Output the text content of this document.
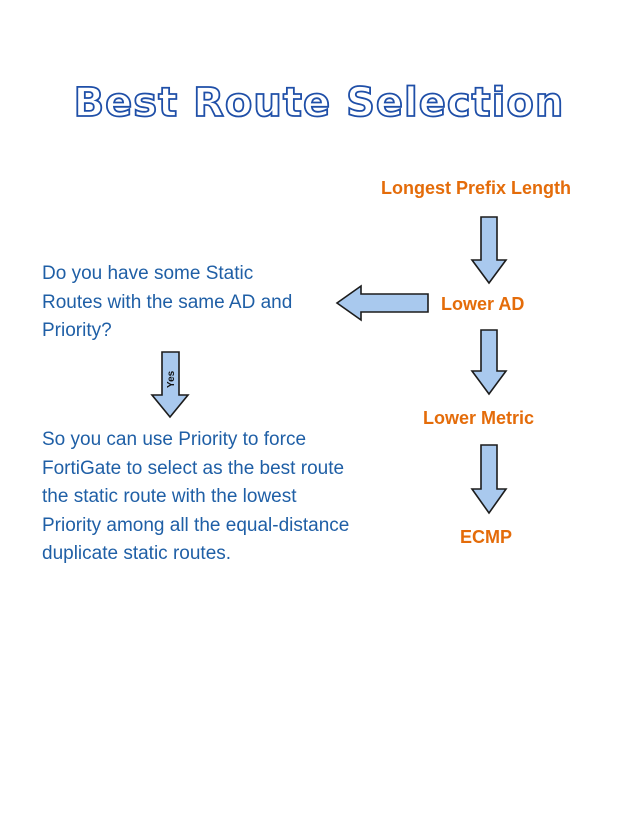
Best Route Selection
Longest Prefix Length
Lower AD
Lower Metric
ECMP
Do you have some Static Routes with the same AD and Priority?
So you can use Priority to force FortiGate to select as the best route the static route with the lowest Priority among all the equal-distance duplicate static routes.
Yes
